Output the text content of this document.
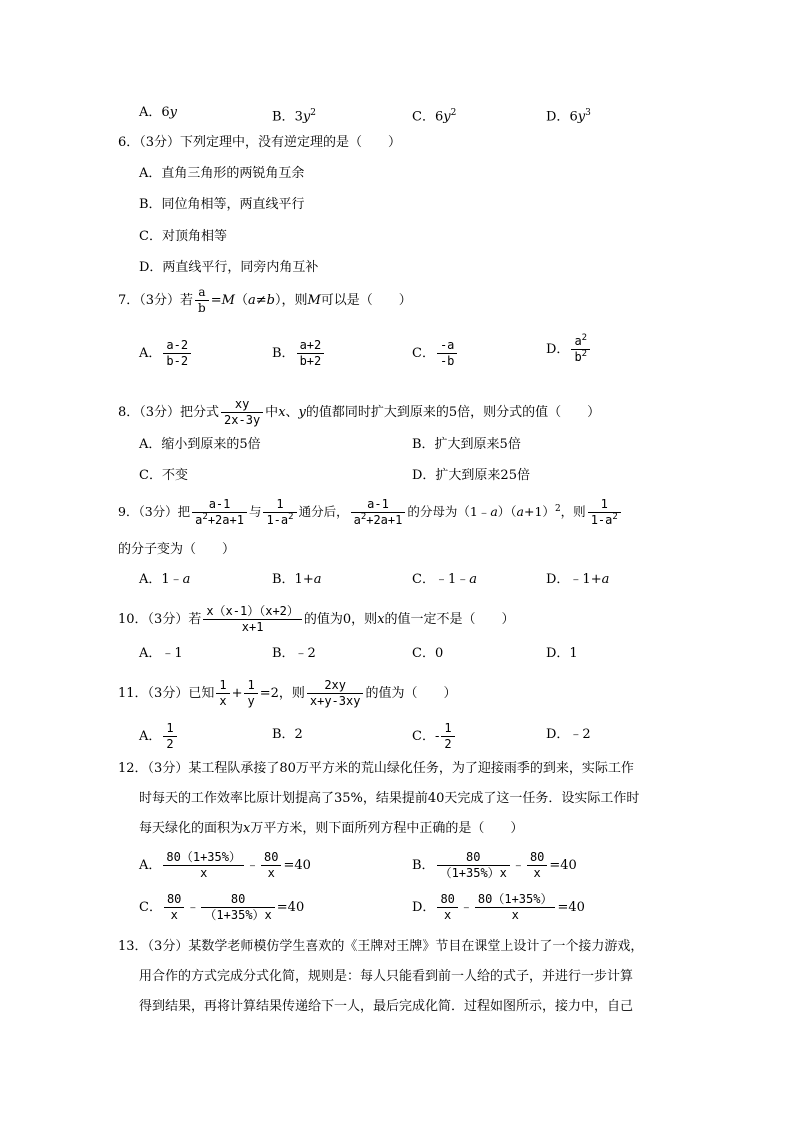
A．6y	B．$3y^2$	C．$6y^2$	D．$6y^3$
6．（3分）下列定理中，没有逆定理的是（　　）
A．直角三角形的两锐角互余
B．同位角相等，两直线平行
C．对顶角相等
D．两直线平行，同旁内角互补
7．（3分）若 $\frac{a}{b} =M(a\ne b)$，则M可以是（　　）
A． $\frac{a-2}{b-2}$	B． $\frac{a+2}{b+2}$	C． $\frac{-a}{-b}$	D． $\frac{a^2}{b^2}$
8．（3分）把分式 $\frac{xy}{2x-3y}$ 中x、y的值都同时扩大到原来的5倍，则分式的值（　　）
A．缩小到原来的5倍	B．扩大到原来5倍
C．不变	D．扩大到原来25倍
9．（3分）把 $\frac{a-1}{a^2+2a+1}$ 与 $\frac{1}{1-a^2}$ 通分后， $\frac{a-1}{a^2+2a+1}$ 的分母为$(1﹣a)(a+1)^2$，则 $\frac{1}{1-a^2}$
的分子变为（　　）
A．1﹣a	B．1+a	C．﹣1﹣a	D．﹣1+a
10．（3分）若 $\frac{x(x-1)(x+2)}{x+1}$ 的值为0，则x的值一定不是（　　）
A．﹣1	B．﹣2	C．0	D．1
11．（3分）已知 $\frac{1}{x} + \frac{1}{y} =2$，则 $\frac{2xy}{x+y-3xy}$ 的值为（　　）
A． $\frac{1}{2}$	B．2	C．- $\frac{1}{2}$	D．﹣2
12．（3分）某工程队承接了80万平方米的荒山绿化任务，为了迎接雨季的到来，实际工作
时每天的工作效率比原计划提高了35%，结果提前40天完成了这一任务．设实际工作时
每天绿化的面积为x万平方米，则下面所列方程中正确的是（　　）
A． $\frac{80(1+35\%)}{x}$ ﹣ $\frac{80}{x} =40$	B． $\frac{80}{(1+35\%)x}$ ﹣ $\frac{80}{x} =40$
C． $\frac{80}{x}$ ﹣ $\frac{80}{(1+35\%)x} =40$	D． $\frac{80}{x}$ ﹣ $\frac{80(1+35\%)}{x} =40$
13．（3分）某数学老师模仿学生喜欢的《王牌对王牌》节目在课堂上设计了一个接力游戏，
用合作的方式完成分式化简，规则是：每人只能看到前一人给的式子，并进行一步计算
得到结果，再将计算结果传递给下一人，最后完成化简．过程如图所示，接力中，自己
